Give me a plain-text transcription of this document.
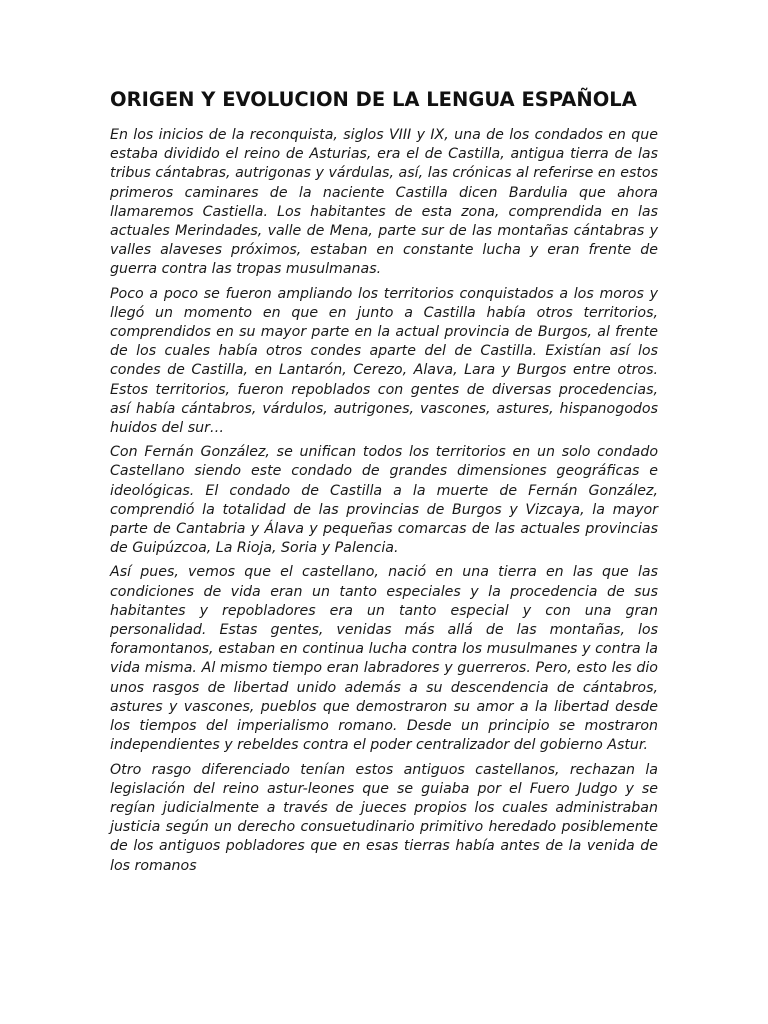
ORIGEN Y EVOLUCION DE LA LENGUA ESPAÑOLA

En los inicios de la reconquista, siglos VIII y IX, una de los condados en que estaba dividido el reino de Asturias, era el de Castilla, antigua tierra de las tribus cántabras, autrigonas y várdulas, así, las crónicas al referirse en estos primeros caminares de la naciente Castilla dicen Bardulia que ahora llamaremos Castiella. Los habitantes de esta zona, comprendida en las actuales Merindades, valle de Mena, parte sur de las montañas cántabras y valles alaveses próximos, estaban en constante lucha y eran frente de guerra contra las tropas musulmanas.

Poco a poco se fueron ampliando los territorios conquistados a los moros y llegó un momento en que en junto a Castilla había otros territorios, comprendidos en su mayor parte en la actual provincia de Burgos, al frente de los cuales había otros condes aparte del de Castilla. Existían así los condes de Castilla, en Lantarón, Cerezo, Alava, Lara y Burgos entre otros. Estos territorios, fueron repoblados con gentes de diversas procedencias, así había cántabros, várdulos, autrigones, vascones, astures, hispanogodos huidos del sur…

Con Fernán González, se unifican todos los territorios en un solo condado Castellano siendo este condado de grandes dimensiones geográficas e ideológicas. El condado de Castilla a la muerte de Fernán González, comprendió la totalidad de las provincias de Burgos y Vizcaya, la mayor parte de Cantabria y Álava y pequeñas comarcas de las actuales provincias de Guipúzcoa, La Rioja, Soria y Palencia.

Así pues, vemos que el castellano, nació en una tierra en las que las condiciones de vida eran un tanto especiales y la procedencia de sus habitantes y repobladores era un tanto especial y con una gran personalidad. Estas gentes, venidas más allá de las montañas, los foramontanos, estaban en continua lucha contra los musulmanes y contra la vida misma. Al mismo tiempo eran labradores y guerreros. Pero, esto les dio unos rasgos de libertad unido además a su descendencia de cántabros, astures y vascones, pueblos que demostraron su amor a la libertad desde los tiempos del imperialismo romano. Desde un principio se mostraron independientes y rebeldes contra el poder centralizador del gobierno Astur.

Otro rasgo diferenciado tenían estos antiguos castellanos, rechazan la legislación del reino astur-leones que se guiaba por el Fuero Judgo y se regían judicialmente a través de jueces propios los cuales administraban justicia según un derecho consuetudinario primitivo heredado posiblemente de los antiguos pobladores que en esas tierras había antes de la venida de los romanos
